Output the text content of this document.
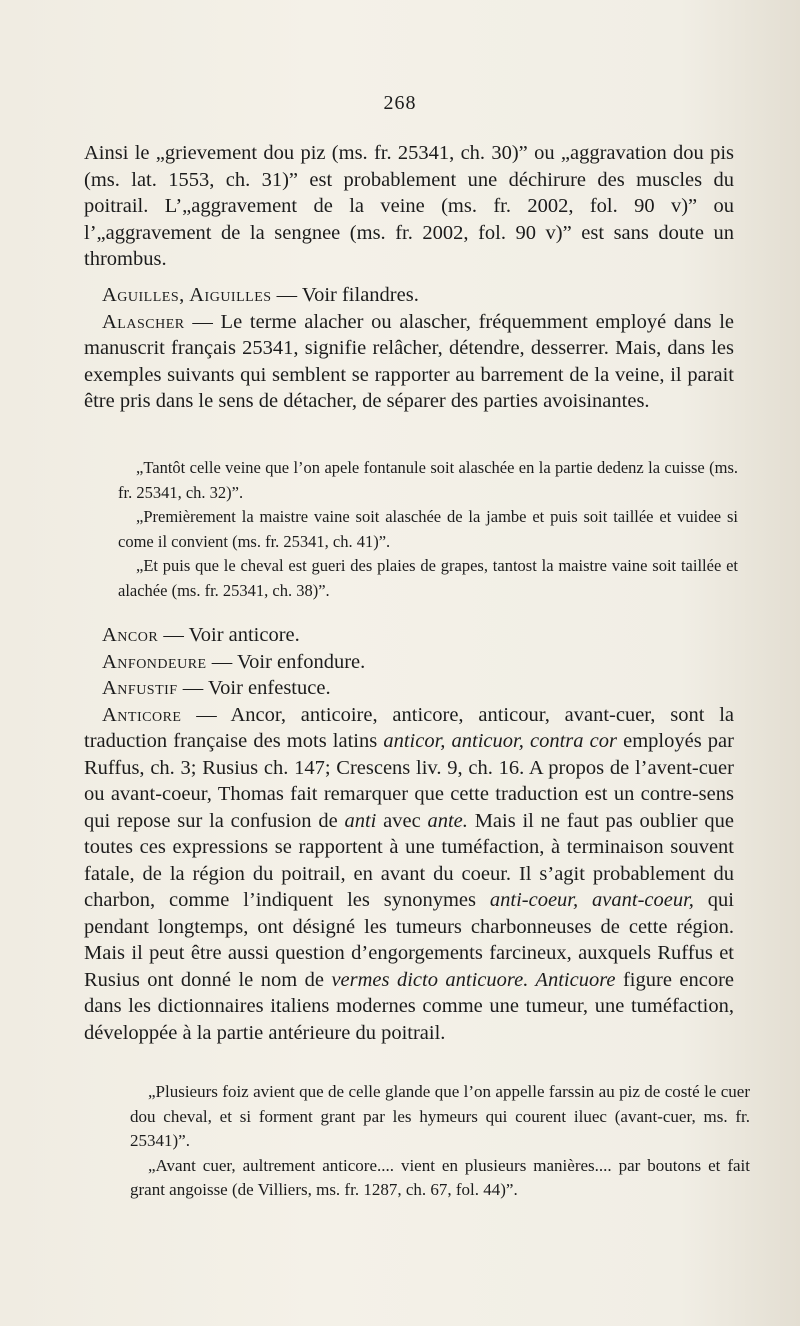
268

Ainsi le „grievement dou piz (ms. fr. 25341, ch. 30)” ou „aggravation dou pis (ms. lat. 1553, ch. 31)” est probablement une déchirure des muscles du poitrail. L’„aggravement de la veine (ms. fr. 2002, fol. 90 v)” ou l’„aggravement de la sengnee (ms. fr. 2002, fol. 90 v)” est sans doute un thrombus.

Aguilles, Aiguilles — Voir filandres.

Alascher — Le terme alacher ou alascher, fréquemment employé dans le manuscrit français 25341, signifie relâcher, détendre, desserrer. Mais, dans les exemples suivants qui semblent se rapporter au barrement de la veine, il parait être pris dans le sens de détacher, de séparer des parties avoisinantes.

„Tantôt celle veine que l’on apele fontanule soit alaschée en la partie dedenz la cuisse (ms. fr. 25341, ch. 32)”.

„Premièrement la maistre vaine soit alaschée de la jambe et puis soit taillée et vuidee si come il convient (ms. fr. 25341, ch. 41)”.

„Et puis que le cheval est gueri des plaies de grapes, tantost la maistre vaine soit taillée et alachée (ms. fr. 25341, ch. 38)”.

Ancor — Voir anticore.

Anfondeure — Voir enfondure.

Anfustif — Voir enfestuce.

Anticore — Ancor, anticoire, anticore, anticour, avant-cuer, sont la traduction française des mots latins anticor, anticuor, contra cor employés par Ruffus, ch. 3; Rusius ch. 147; Crescens liv. 9, ch. 16. A propos de l’avent-cuer ou avant-coeur, Thomas fait remarquer que cette traduction est un contre-sens qui repose sur la confusion de anti avec ante. Mais il ne faut pas oublier que toutes ces expressions se rapportent à une tuméfaction, à terminaison souvent fatale, de la région du poitrail, en avant du coeur. Il s’agit probablement du charbon, comme l’indiquent les synonymes anti-coeur, avant-coeur, qui pendant longtemps, ont désigné les tumeurs charbonneuses de cette région. Mais il peut être aussi question d’engorgements farcineux, auxquels Ruffus et Rusius ont donné le nom de vermes dicto anticuore. Anticuore figure encore dans les dictionnaires italiens modernes comme une tumeur, une tuméfaction, développée à la partie antérieure du poitrail.

„Plusieurs foiz avient que de celle glande que l’on appelle farssin au piz de costé le cuer dou cheval, et si forment grant par les hymeurs qui courent iluec (avant-cuer, ms. fr. 25341)”.

„Avant cuer, aultrement anticore.... vient en plusieurs manières.... par boutons et fait grant angoisse (de Villiers, ms. fr. 1287, ch. 67, fol. 44)”.
